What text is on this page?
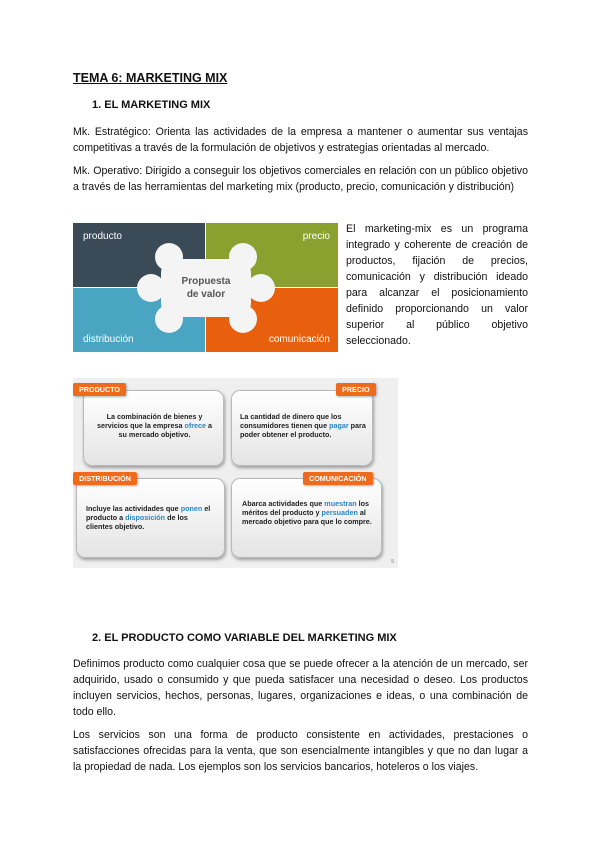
TEMA 6: MARKETING MIX
1. EL MARKETING MIX
Mk. Estratégico: Orienta las actividades de la empresa a mantener o aumentar sus ventajas competitivas a través de la formulación de objetivos y estrategias orientadas al mercado.
Mk. Operativo: Dirigido a conseguir los objetivos comerciales en relación con un público objetivo a través de las herramientas del marketing mix (producto, precio, comunicación y distribución)
producto	precio
distribución	comunicación
Propuesta
de valor
El marketing-mix es un programa integrado y coherente de creación de productos, fijación de precios, comunicación y distribución ideado para alcanzar el posicionamiento definido proporcionando un valor superior al público objetivo seleccionado.
La combinación de bienes y servicios que la empresa ofrece a su mercado objetivo.
PRODUCTO
La cantidad de dinero que los consumidores tienen que pagar para poder obtener el producto.
PRECIO
Incluye las actividades que ponen el producto a disposición de los clientes objetivo.
DISTRIBUCIÓN
Abarca actividades que muestran los méritos del producto y persuaden al mercado objetivo para que lo compre.
COMUNICACIÓN
5
2. EL PRODUCTO COMO VARIABLE DEL MARKETING MIX
Definimos producto como cualquier cosa que se puede ofrecer a la atención de un mercado, ser adquirido, usado o consumido y que pueda satisfacer una necesidad o deseo. Los productos incluyen servicios, hechos, personas, lugares, organizaciones e ideas, o una combinación de todo ello.
Los servicios son una forma de producto consistente en actividades, prestaciones o satisfacciones ofrecidas para la venta, que son esencialmente intangibles y que no dan lugar a la propiedad de nada. Los ejemplos son los servicios bancarios, hoteleros o los viajes.
